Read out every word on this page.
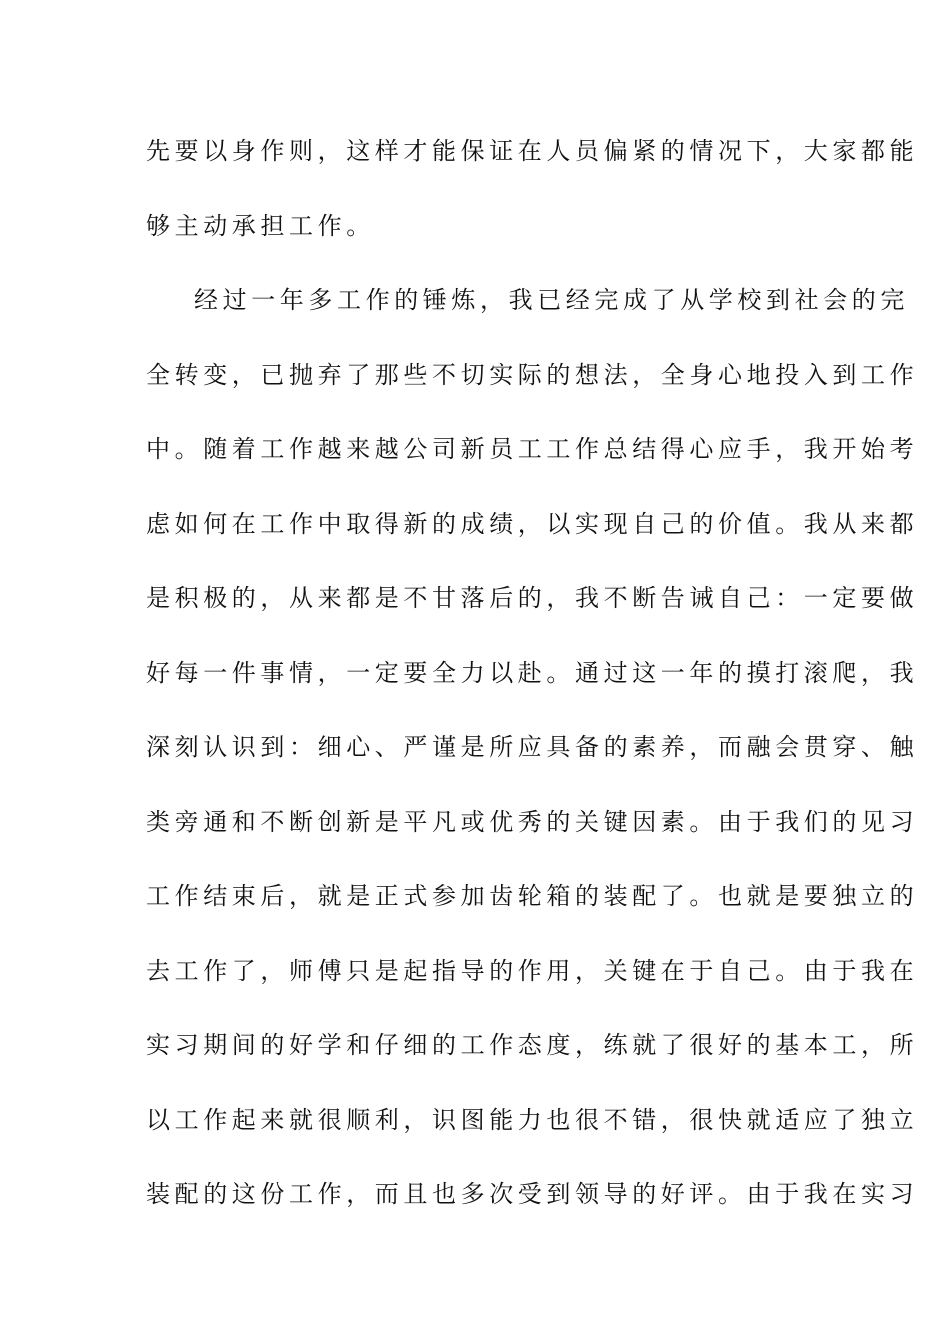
先要以身作则，这样才能保证在人员偏紧的情况下，大家都能
够主动承担工作。
经过一年多工作的锤炼，我已经完成了从学校到社会的完
全转变，已抛弃了那些不切实际的想法，全身心地投入到工作
中。随着工作越来越公司新员工工作总结得心应手，我开始考
虑如何在工作中取得新的成绩，以实现自己的价值。我从来都
是积极的，从来都是不甘落后的，我不断告诫自己：一定要做
好每一件事情，一定要全力以赴。通过这一年的摸打滚爬，我
深刻认识到：细心、严谨是所应具备的素养，而融会贯穿、触
类旁通和不断创新是平凡或优秀的关键因素。由于我们的见习
工作结束后，就是正式参加齿轮箱的装配了。也就是要独立的
去工作了，师傅只是起指导的作用，关键在于自己。由于我在
实习期间的好学和仔细的工作态度，练就了很好的基本工，所
以工作起来就很顺利，识图能力也很不错，很快就适应了独立
装配的这份工作，而且也多次受到领导的好评。由于我在实习
